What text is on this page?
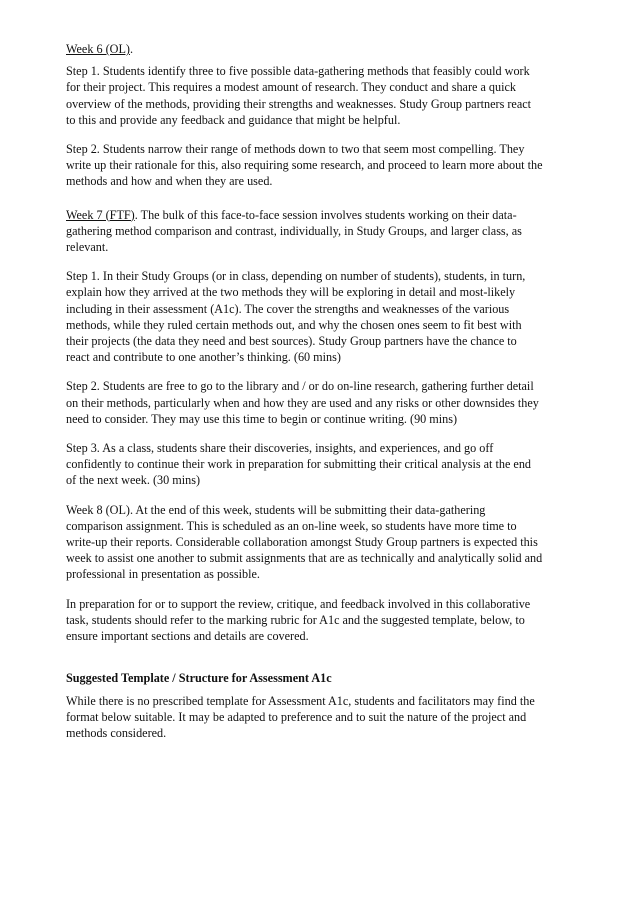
Week 6 (OL).

Step 1. Students identify three to five possible data-gathering methods that feasibly could work
for their project. This requires a modest amount of research. They conduct and share a quick
overview of the methods, providing their strengths and weaknesses. Study Group partners react
to this and provide any feedback and guidance that might be helpful.

Step 2. Students narrow their range of methods down to two that seem most compelling. They
write up their rationale for this, also requiring some research, and proceed to learn more about the
methods and how and when they are used.

Week 7 (FTF). The bulk of this face-to-face session involves students working on their data-
gathering method comparison and contrast, individually, in Study Groups, and larger class, as
relevant.

Step 1. In their Study Groups (or in class, depending on number of students), students, in turn,
explain how they arrived at the two methods they will be exploring in detail and most-likely
including in their assessment (A1c). The cover the strengths and weaknesses of the various
methods, while they ruled certain methods out, and why the chosen ones seem to fit best with
their projects (the data they need and best sources). Study Group partners have the chance to
react and contribute to one another’s thinking. (60 mins)

Step 2. Students are free to go to the library and / or do on-line research, gathering further detail
on their methods, particularly when and how they are used and any risks or other downsides they
need to consider. They may use this time to begin or continue writing. (90 mins)

Step 3. As a class, students share their discoveries, insights, and experiences, and go off
confidently to continue their work in preparation for submitting their critical analysis at the end
of the next week. (30 mins)

Week 8 (OL). At the end of this week, students will be submitting their data-gathering
comparison assignment. This is scheduled as an on-line week, so students have more time to
write-up their reports. Considerable collaboration amongst Study Group partners is expected this
week to assist one another to submit assignments that are as technically and analytically solid and
professional in presentation as possible.

In preparation for or to support the review, critique, and feedback involved in this collaborative
task, students should refer to the marking rubric for A1c and the suggested template, below, to
ensure important sections and details are covered.

Suggested Template / Structure for Assessment A1c

While there is no prescribed template for Assessment A1c, students and facilitators may find the
format below suitable. It may be adapted to preference and to suit the nature of the project and
methods considered.
